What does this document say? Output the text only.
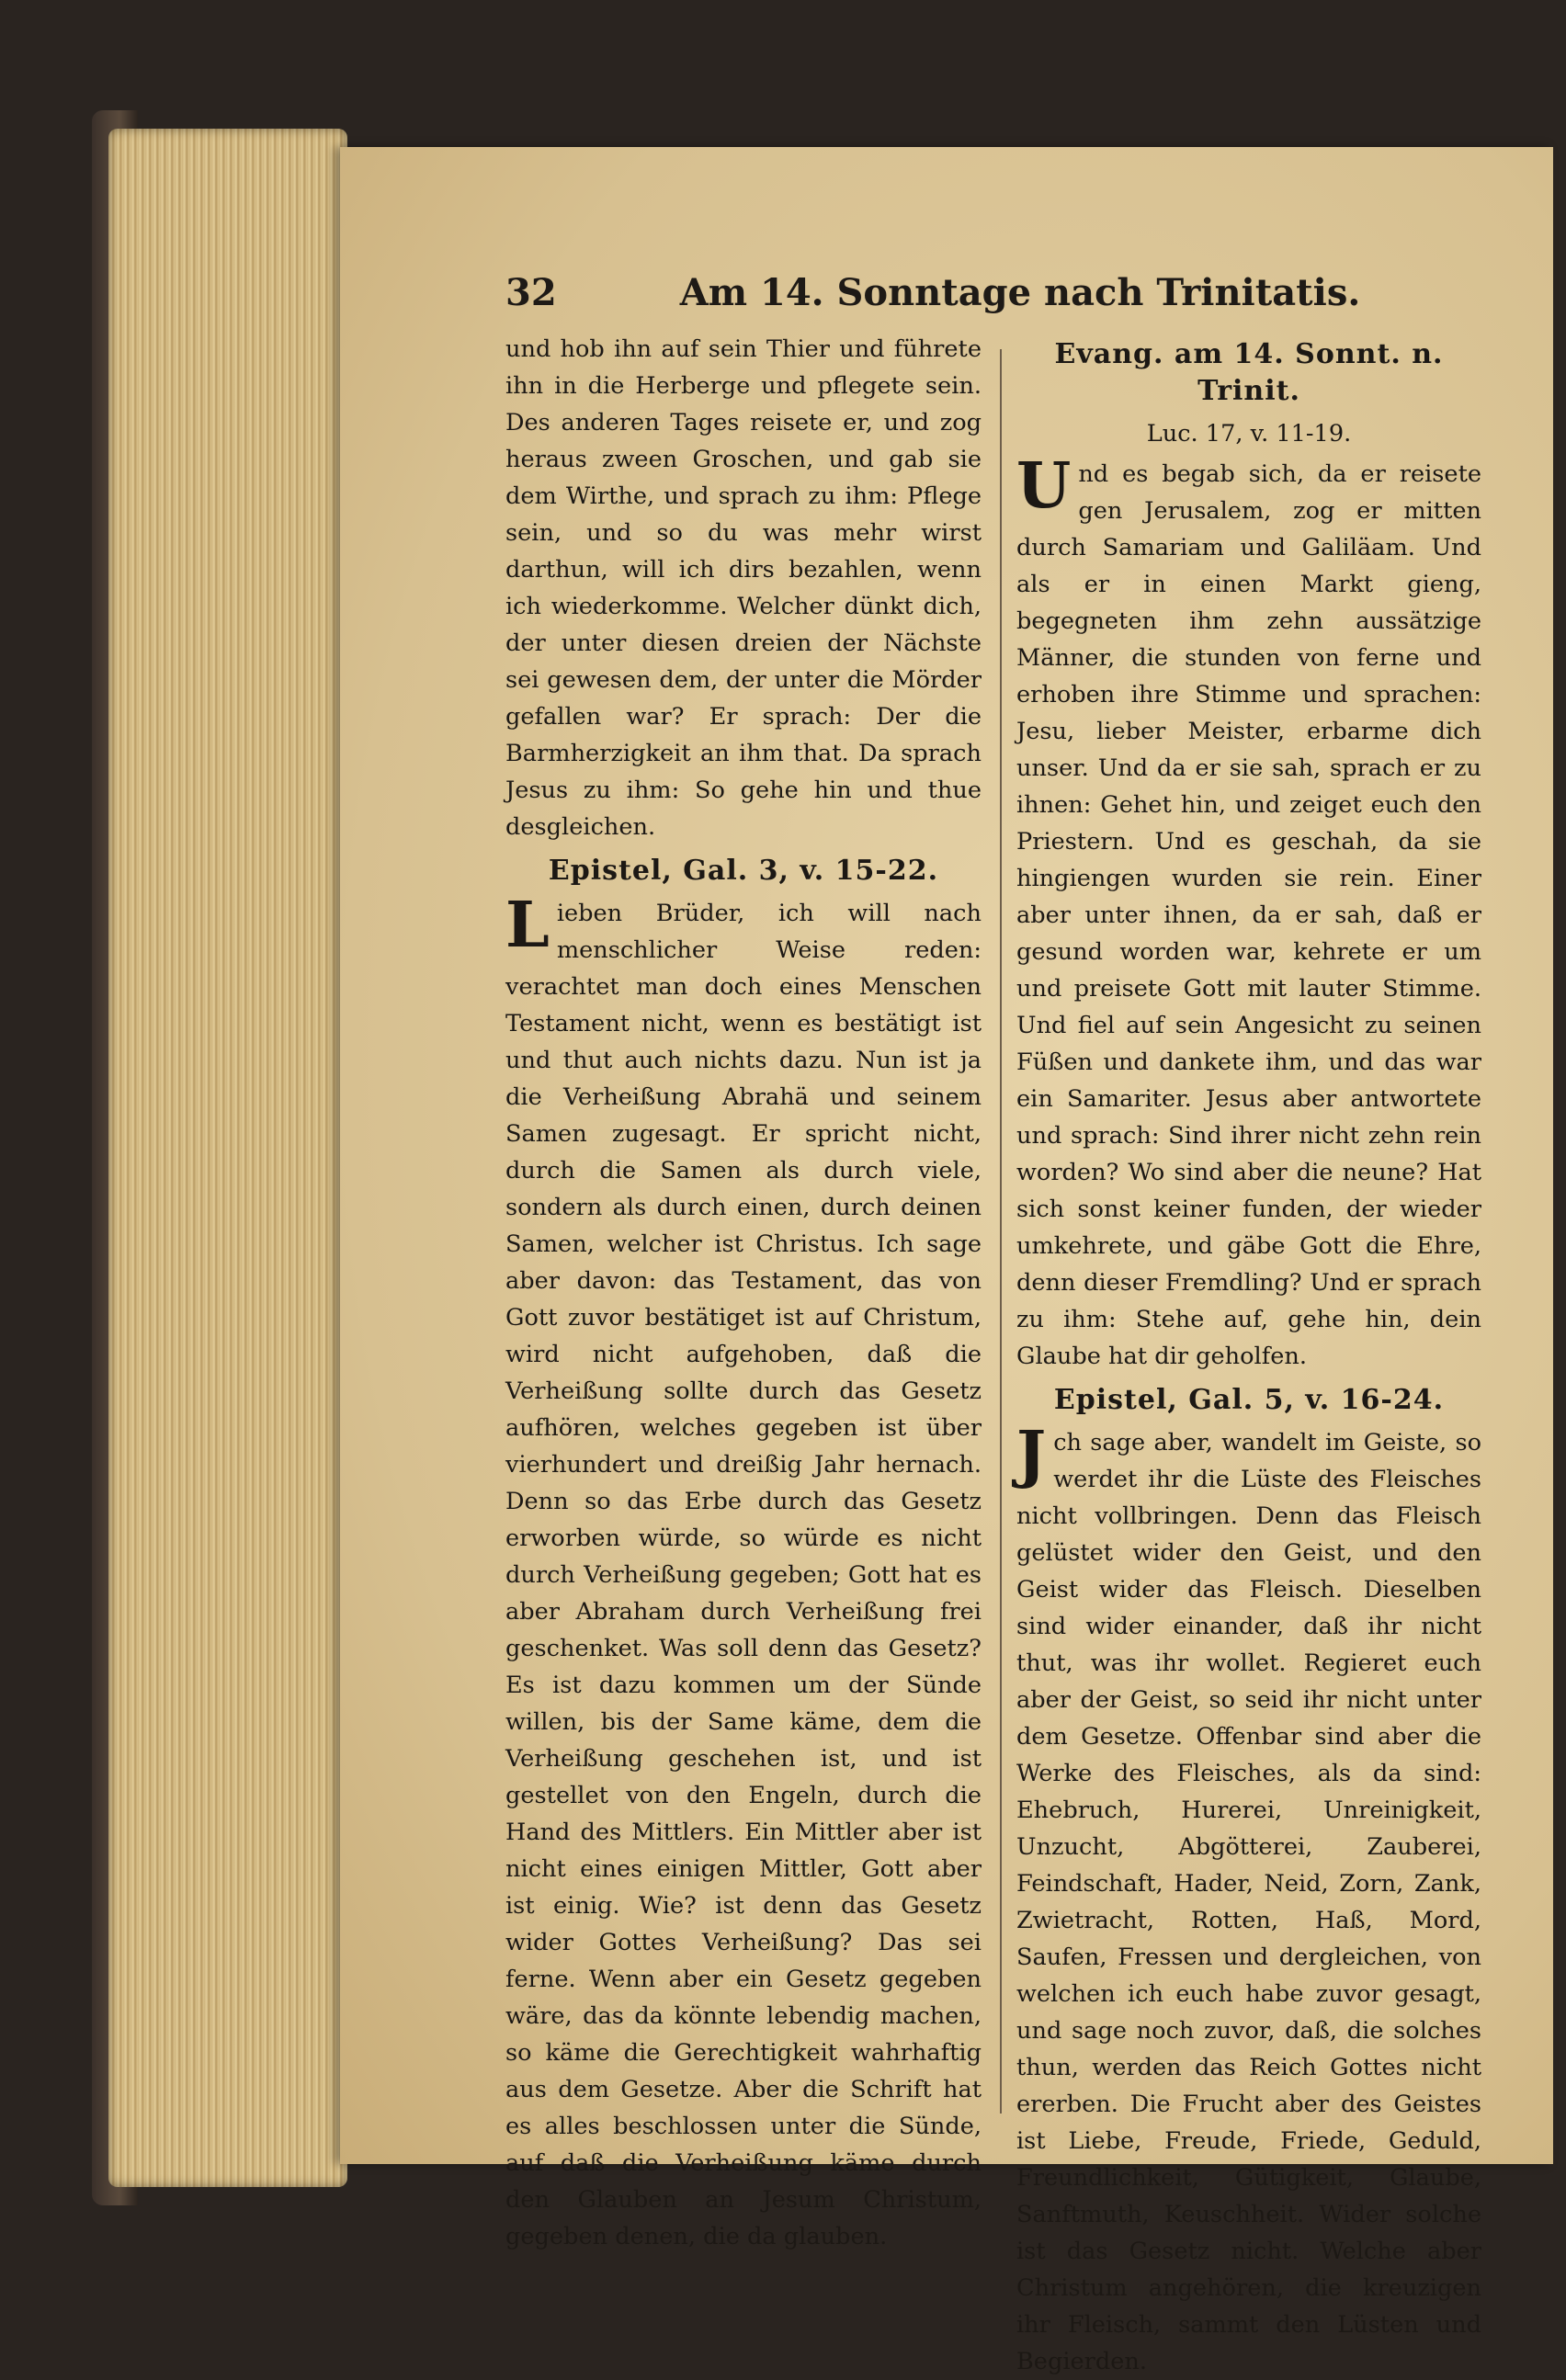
32	Am 14. Sonntage nach Trinitatis.

und hob ihn auf sein Thier und führete ihn in die Herberge und pflegete sein. Des anderen Tages reisete er, und zog heraus zween Groschen, und gab sie dem Wirthe, und sprach zu ihm: Pflege sein, und so du was mehr wirst darthun, will ich dirs bezahlen, wenn ich wiederkomme. Welcher dünkt dich, der unter diesen dreien der Nächste sei gewesen dem, der unter die Mörder gefallen war? Er sprach: Der die Barmherzigkeit an ihm that. Da sprach Jesus zu ihm: So gehe hin und thue desgleichen.

Epistel, Gal. 3, v. 15-22.

L ieben Brüder, ich will nach menschlicher Weise reden: verachtet man doch eines Menschen Testament nicht, wenn es bestätigt ist und thut auch nichts dazu. Nun ist ja die Verheißung Abrahä und seinem Samen zugesagt. Er spricht nicht, durch die Samen als durch viele, sondern als durch einen, durch deinen Samen, welcher ist Christus. Ich sage aber davon: das Testament, das von Gott zuvor bestätiget ist auf Christum, wird nicht aufgehoben, daß die Verheißung sollte durch das Gesetz aufhören, welches gegeben ist über vierhundert und dreißig Jahr hernach. Denn so das Erbe durch das Gesetz erworben würde, so würde es nicht durch Verheißung gegeben; Gott hat es aber Abraham durch Verheißung frei geschenket. Was soll denn das Gesetz? Es ist dazu kommen um der Sünde willen, bis der Same käme, dem die Verheißung geschehen ist, und ist gestellet von den Engeln, durch die Hand des Mittlers. Ein Mittler aber ist nicht eines einigen Mittler, Gott aber ist einig. Wie? ist denn das Gesetz wider Gottes Verheißung? Das sei ferne. Wenn aber ein Gesetz gegeben wäre, das da könnte lebendig machen, so käme die Gerechtigkeit wahrhaftig aus dem Gesetze. Aber die Schrift hat es alles beschlossen unter die Sünde, auf daß die Verheißung käme durch den Glauben an Jesum Christum, gegeben denen, die da glauben.

Evang. am 14. Sonnt. n. Trinit.
Luc. 17, v. 11-19.

U nd es begab sich, da er reisete gen Jerusalem, zog er mitten durch Samariam und Galiläam. Und als er in einen Markt gieng, begegneten ihm zehn aussätzige Männer, die stunden von ferne und erhoben ihre Stimme und sprachen: Jesu, lieber Meister, erbarme dich unser. Und da er sie sah, sprach er zu ihnen: Gehet hin, und zeiget euch den Priestern. Und es geschah, da sie hingiengen wurden sie rein. Einer aber unter ihnen, da er sah, daß er gesund worden war, kehrete er um und preisete Gott mit lauter Stimme. Und fiel auf sein Angesicht zu seinen Füßen und dankete ihm, und das war ein Samariter. Jesus aber antwortete und sprach: Sind ihrer nicht zehn rein worden? Wo sind aber die neune? Hat sich sonst keiner funden, der wieder umkehrete, und gäbe Gott die Ehre, denn dieser Fremdling? Und er sprach zu ihm: Stehe auf, gehe hin, dein Glaube hat dir geholfen.

Epistel, Gal. 5, v. 16-24.

J ch sage aber, wandelt im Geiste, so werdet ihr die Lüste des Fleisches nicht vollbringen. Denn das Fleisch gelüstet wider den Geist, und den Geist wider das Fleisch. Dieselben sind wider einander, daß ihr nicht thut, was ihr wollet. Regieret euch aber der Geist, so seid ihr nicht unter dem Gesetze. Offenbar sind aber die Werke des Fleisches, als da sind: Ehebruch, Hurerei, Unreinigkeit, Unzucht, Abgötterei, Zauberei, Feindschaft, Hader, Neid, Zorn, Zank, Zwietracht, Rotten, Haß, Mord, Saufen, Fressen und dergleichen, von welchen ich euch habe zuvor gesagt, und sage noch zuvor, daß, die solches thun, werden das Reich Gottes nicht ererben. Die Frucht aber des Geistes ist Liebe, Freude, Friede, Geduld, Freundlichkeit, Gütigkeit, Glaube, Sanftmuth, Keuschheit. Wider solche ist das Gesetz nicht. Welche aber Christum angehören, die kreuzigen ihr Fleisch, sammt den Lüsten und Begierden.
